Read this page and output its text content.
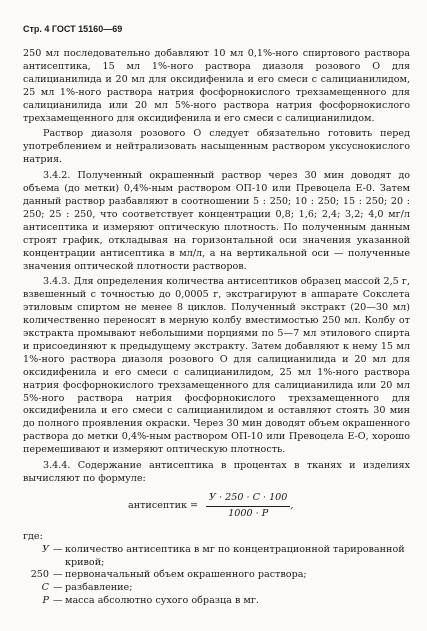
Стр. 4 ГОСТ 15160—69

250 мл последовательно добавляют 10 мл 0,1%-ного спиртового раствора антисептика, 15 мл 1%-ного раствора диазоля розового О для салицианилида и 20 мл для оксидифенила и его смеси с салицианилидом, 25 мл 1%-ного раствора натрия фосфорнокислого трехзамещенного для салицианилида или 20 мл 5%-ного раствора натрия фосфорнокислого трехзамещенного для оксидифенила и его смеси с салицианилидом.

Раствор диазоля розового О следует обязательно готовить перед употреблением и нейтрализовать насыщенным раствором уксуснокислого натрия.

3.4.2. Полученный окрашенный раствор через 30 мин доводят до объема (до метки) 0,4%-ным раствором ОП-10 или Превоцела Е-0. Затем данный раствор разбавляют в соотношении 5 : 250; 10 : 250; 15 : 250; 20 : 250; 25 : 250, что соответствует концентрации 0,8; 1,6; 2,4; 3,2; 4,0 мг/л антисептика и измеряют оптическую плотность. По полученным данным строят график, откладывая на горизонтальной оси значения указанной концентрации антисептика в мл/л, а на вертикальной оси — полученные значения оптической плотности растворов.

3.4.3. Для определения количества антисептиков образец массой 2,5 г, взвешенный с точностью до 0,0005 г, экстрагируют в аппарате Сокслета этиловым спиртом не менее 8 циклов. Полученный экстракт (20—30 мл) количественно переносят в мерную колбу вместимостью 250 мл. Колбу от экстракта промывают небольшими порциями по 5—7 мл этилового спирта и присоединяют к предыдущему экстракту. Затем добавляют к нему 15 мл 1%-ного раствора диазоля розового О для салицианилида и 20 мл для оксидифенила и его смеси с салицианилидом, 25 мл 1%-ного раствора натрия фосфорнокислого трехзамещенного для салицианилида или 20 мл 5%-ного раствора натрия фосфорнокислого трехзамещенного для оксидифенила и его смеси с салицианилидом и оставляют стоять 30 мин до полного проявления окраски. Через 30 мин доводят объем окрашенного раствора до метки 0,4%-ным раствором ОП-10 или Превоцела Е-О, хорошо перемешивают и измеряют оптическую плотность.

3.4.4. Содержание антисептика в процентах в тканях и изделиях вычисляют по формуле:

антисептик = $\frac{У \cdot 250 \cdot С \cdot 100}{1000 \cdot Р}$ ,

где:

У — количество антисептика в мг по концентрационной тарированной кривой;
250 — первоначальный объем окрашенного раствора;
С — разбавление;
Р — масса абсолютно сухого образца в мг.
